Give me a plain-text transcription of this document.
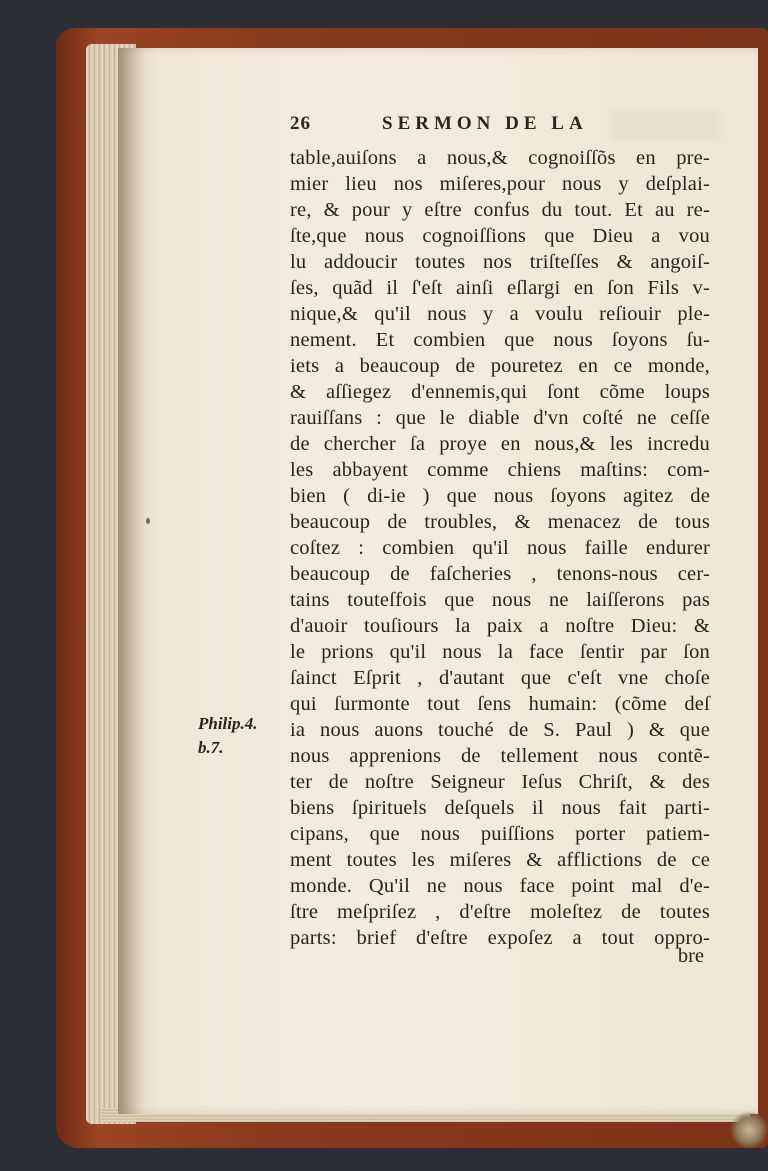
26	SERMON DE LA
Philip.4.
b.7.
table,auiſons a nous,& cognoiſſõs en pre-
mier lieu nos miſeres,pour nous y deſplai-
re, & pour y eſtre confus du tout. Et au re-
ſte,que nous cognoiſſions que Dieu a vou
lu addoucir toutes nos triſteſſes & angoiſ-
ſes, quãd il ſ'eſt ainſi eſlargi en ſon Fils v-
nique,& qu'il nous y a voulu reſiouir ple-
nement. Et combien que nous ſoyons ſu-
iets a beaucoup de pouretez en ce monde,
& aſſiegez d'ennemis,qui ſont cõme loups
rauiſſans : que le diable d'vn coſté ne ceſſe
de chercher ſa proye en nous,& les incredu
les abbayent comme chiens maſtins: com-
bien ( di-ie ) que nous ſoyons agitez de
beaucoup de troubles, & menacez de tous
coſtez : combien qu'il nous faille endurer
beaucoup de faſcheries , tenons-nous cer-
tains touteſfois que nous ne laiſſerons pas
d'auoir touſiours la paix a noſtre Dieu: &
le prions qu'il nous la face ſentir par ſon
ſainct Eſprit , d'autant que c'eſt vne choſe
qui ſurmonte tout ſens humain: (cõme deſ
ia nous auons touché de S. Paul ) & que
nous apprenions de tellement nous contẽ-
ter de noſtre Seigneur Ieſus Chriſt, & des
biens ſpirituels deſquels il nous fait parti-
cipans, que nous puiſſions porter patiem-
ment toutes les miſeres & afflictions de ce
monde. Qu'il ne nous face point mal d'e-
ſtre meſpriſez , d'eſtre moleſtez de toutes
parts: brief d'eſtre expoſez a tout oppro-
bre
